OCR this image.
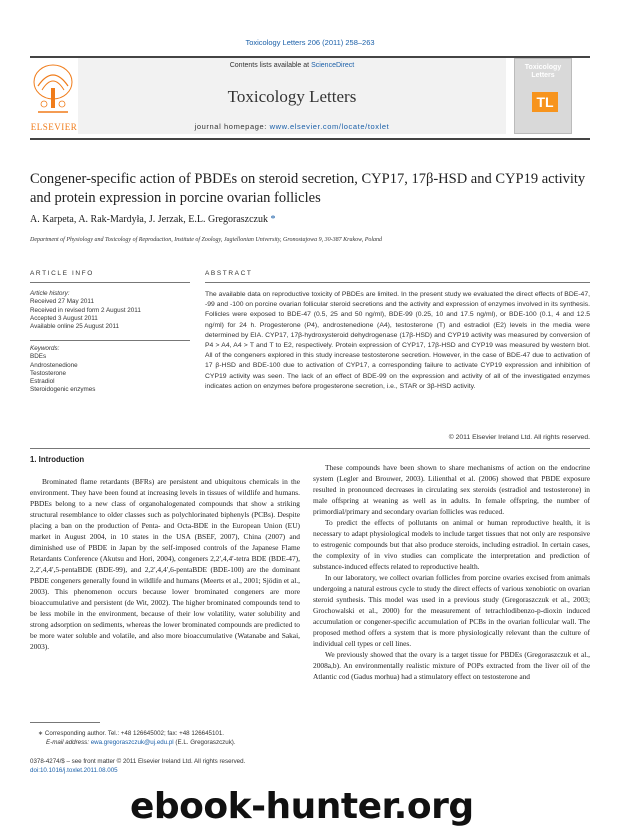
Toxicology Letters 206 (2011) 258–263
ELSEVIER
Contents lists available at ScienceDirect
Toxicology Letters
journal homepage: www.elsevier.com/locate/toxlet
Toxicology Letters
TL
Congener-specific action of PBDEs on steroid secretion, CYP17, 17β-HSD and CYP19 activity and protein expression in porcine ovarian follicles
A. Karpeta, A. Rak-Mardyła, J. Jerzak, E.L. Gregoraszczuk *
Department of Physiology and Toxicology of Reproduction, Institute of Zoology, Jagiellonian University, Gronostajowa 9, 30-387 Krakow, Poland
ARTICLE INFO
Article history:
Received 27 May 2011
Received in revised form 2 August 2011
Accepted 3 August 2011
Available online 25 August 2011
Keywords:
BDEs
Androstenedione
Testosterone
Estradiol
Steroidogenic enzymes
ABSTRACT
The available data on reproductive toxicity of PBDEs are limited. In the present study we evaluated the direct effects of BDE-47, -99 and -100 on porcine ovarian follicular steroid secretions and the activity and expression of enzymes involved in its synthesis. Follicles were exposed to BDE-47 (0.5, 25 and 50 ng/ml), BDE-99 (0.25, 10 and 17.5 ng/ml), or BDE-100 (0.1, 4 and 12.5 ng/ml) for 24 h. Progesterone (P4), androstenedione (A4), testosterone (T) and estradiol (E2) levels in the media were determined by EIA. CYP17, 17β-hydroxysteroid dehydrogenase (17β-HSD) and CYP19 activity was measured by conversion of P4 > A4, A4 > T and T to E2, respectively. Protein expression of CYP17, 17β-HSD and CYP19 was measured by western blot. All of the congeners explored in this study increase testosterone secretion. However, in the case of BDE-47 due to activation of 17 β-HSD and BDE-100 due to activation of CYP17, a corresponding failure to activate CYP19 expression and inhibition of CYP19 activity was seen. The lack of an effect of BDE-99 on the expression and activity of all of the investigated enzymes indicates action on enzymes before progesterone secretion, i.e., STAR or 3β-HSD activity.
© 2011 Elsevier Ireland Ltd. All rights reserved.
1. Introduction

Brominated flame retardants (BFRs) are persistent and ubiquitous chemicals in the environment. They have been found at increasing levels in tissues of wildlife and humans. PBDEs belong to a new class of organohalogenated compounds that show a striking structural resemblance to older classes such as polychlorinated biphenyls (PCBs). Despite placing a ban on the production of Penta- and Octa-BDE in the European Union (EU) market in August 2004, in 10 states in the USA (BSEF, 2007), China (2007) and diminished use of PBDE in Japan by the self-imposed controls of the Japanese Flame Retardants Conference (Akutsu and Hori, 2004), congeners 2,2′,4,4′-tetra BDE (BDE-47), 2,2′,4,4′,5-pentaBDE (BDE-99), and 2,2′,4,4′,6-pentaBDE (BDE-100) are the dominant PBDE congeners generally found in wildlife and humans (Meerts et al., 2001; Sjödin et al., 2003). This phenomenon occurs because lower brominated congeners are more bioaccumulative and persistent (de Wit, 2002). The higher brominated compounds tend to be less mobile in the environment, because of their low volatility, water solubility and strong adsorption on sediments, whereas the lower brominated compounds are predicted to be more water soluble and volatile, and also more bioaccumulative (Watanabe and Sakai, 2003).

These compounds have been shown to share mechanisms of action on the endocrine system (Legler and Brouwer, 2003). Lilienthal et al. (2006) showed that PBDE exposure resulted in pronounced decreases in circulating sex steroids (estradiol and testosterone) in male offspring at weaning as well as in adults. In female offspring, the number of primordial/primary and secondary ovarian follicles was reduced.

To predict the effects of pollutants on animal or human reproductive health, it is necessary to adapt physiological models to include target tissues that not only are responsive to estrogenic compounds but that also produce steroids, including estradiol. In certain cases, the complexity of in vivo studies can complicate the interpretation and prediction of substance-induced effects related to reproductive health.

In our laboratory, we collect ovarian follicles from porcine ovaries excised from animals undergoing a natural estrous cycle to study the direct effects of various xenobiotic on ovarian steroid synthesis. This model was used in a previous study (Gregoraszczuk et al., 2003; Grochowalski et al., 2000) for the measurement of tetrachlodibenzo-p-dioxin induced accumulation or congener-specific accumulation of PCBs in the ovarian follicular wall. The proposed method offers a system that is more physiologically relevant than the culture of individual cell types or cell lines.

We previously showed that the ovary is a target tissue for PBDEs (Gregoraszczuk et al., 2008a,b). An environmentally realistic mixture of POPs extracted from the liver oil of the Atlantic cod (Gadus morhua) had a stimulatory effect on testosterone and

∗ Corresponding author. Tel.: +48 126645002; fax: +48 126645101.
E-mail address: ewa.gregoraszczuk@uj.edu.pl (E.L. Gregoraszczuk).
0378-4274/$ – see front matter © 2011 Elsevier Ireland Ltd. All rights reserved.
doi:10.1016/j.toxlet.2011.08.005
ebook-hunter.org
